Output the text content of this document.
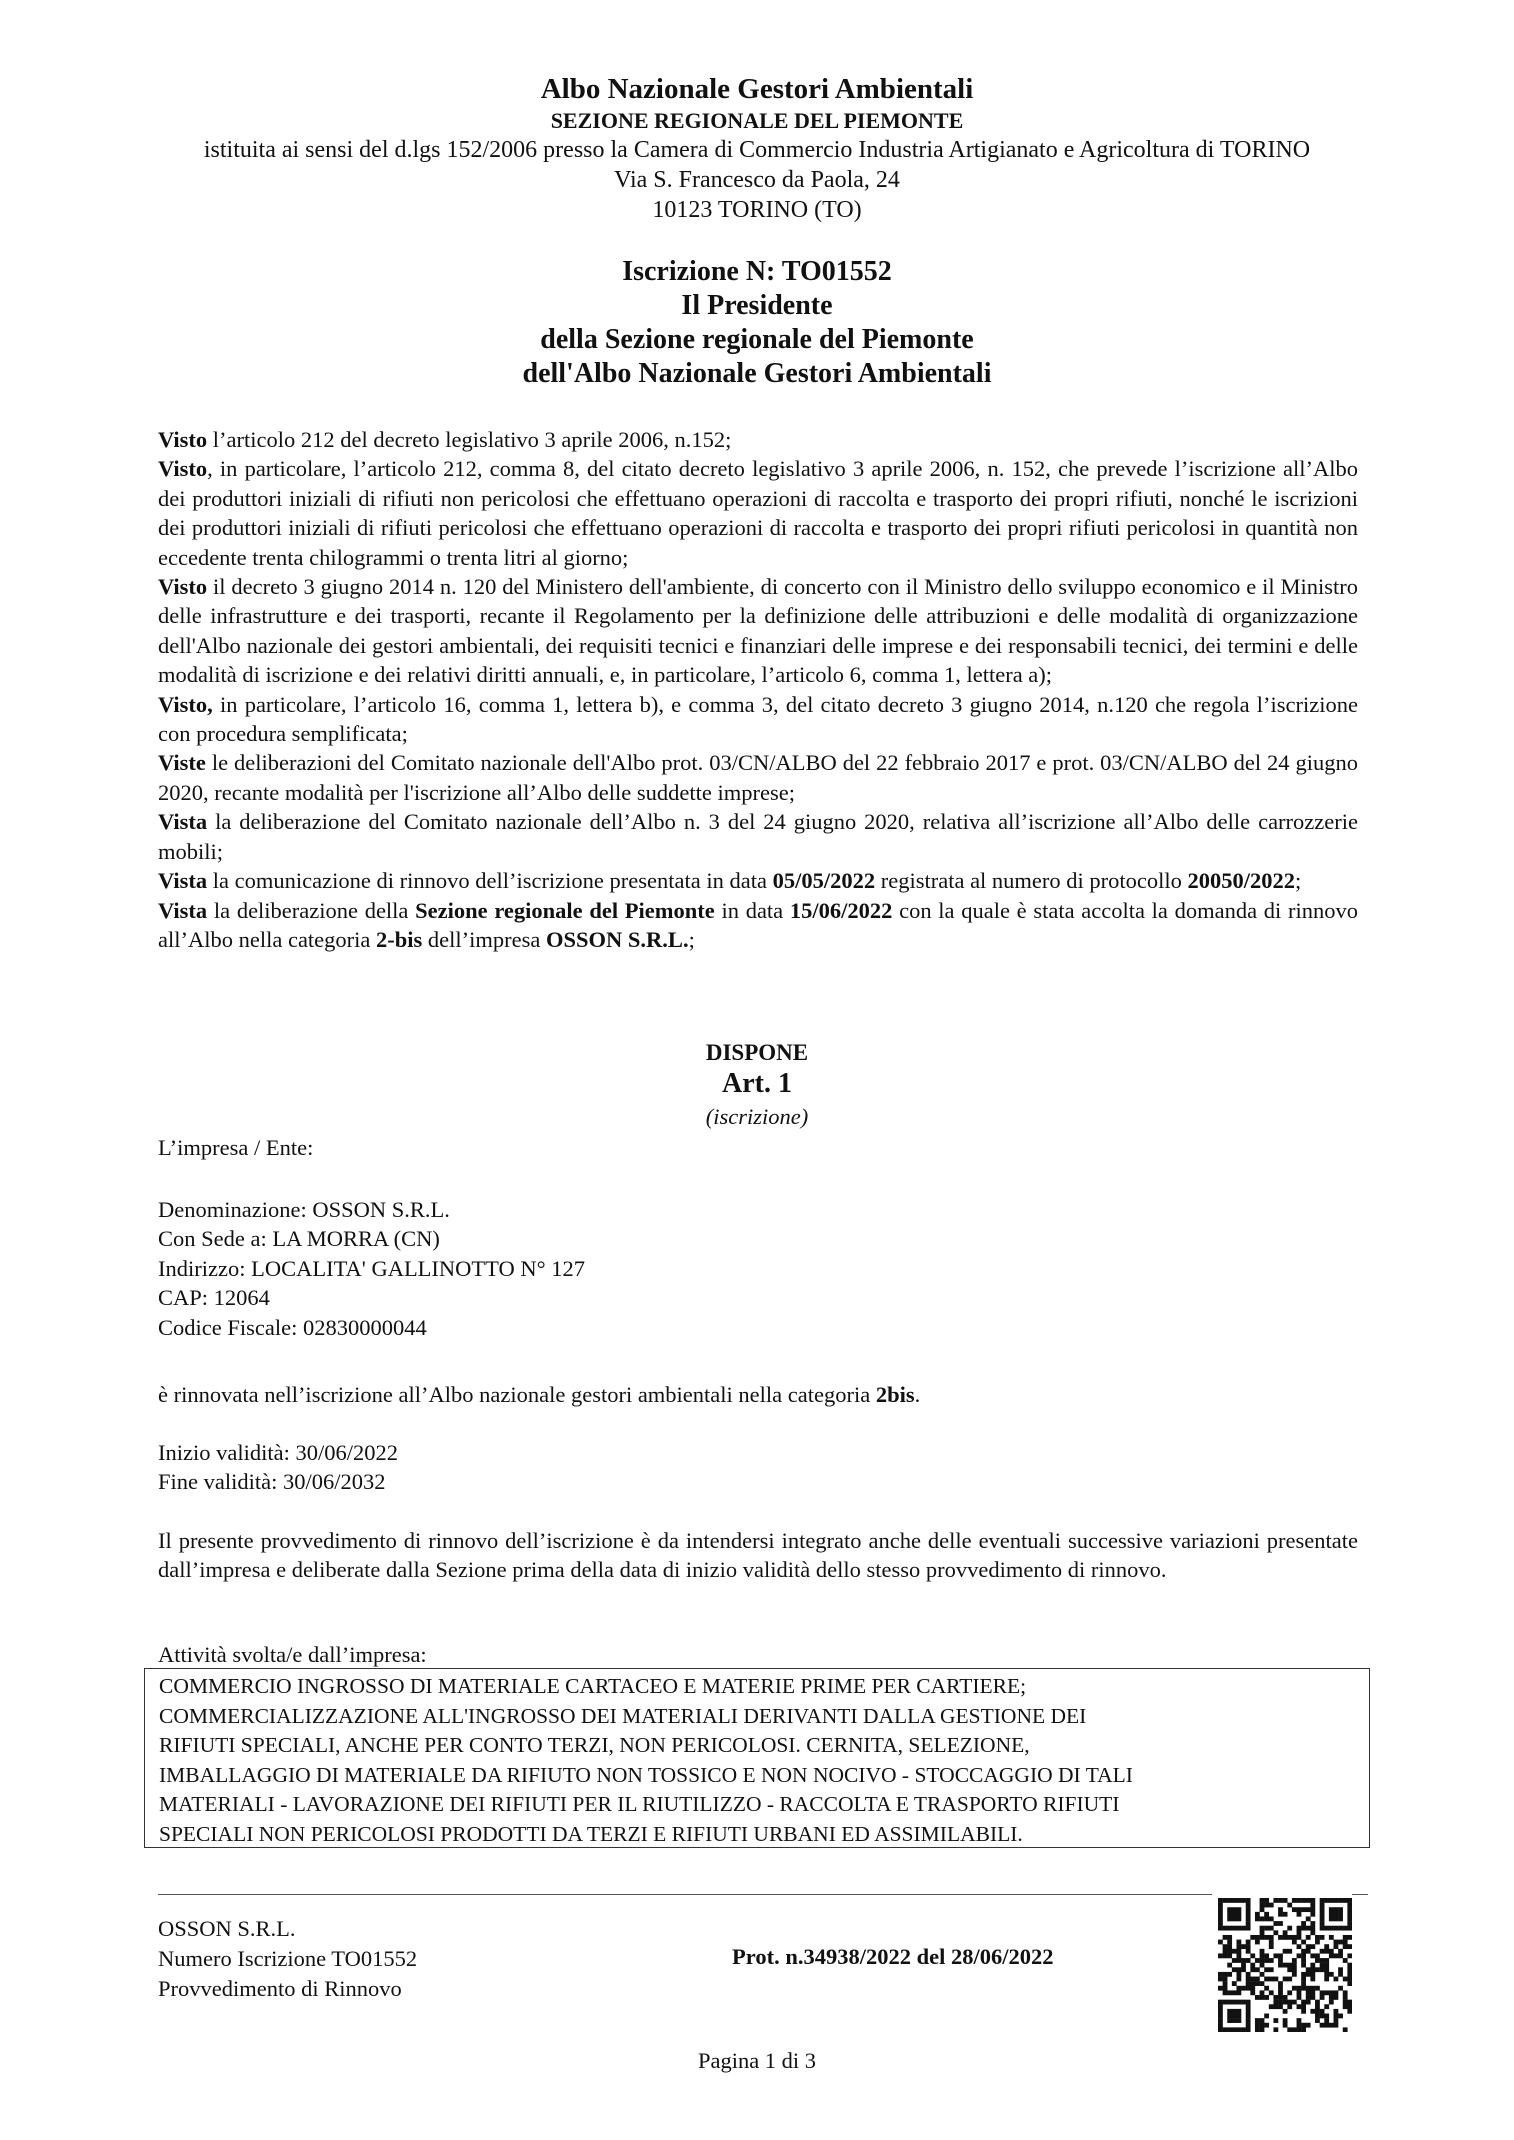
Albo Nazionale Gestori Ambientali
SEZIONE REGIONALE DEL PIEMONTE
istituita ai sensi del d.lgs 152/2006 presso la Camera di Commercio Industria Artigianato e Agricoltura di TORINO
Via S. Francesco da Paola, 24
10123 TORINO (TO)
Iscrizione N: TO01552
Il Presidente
della Sezione regionale del Piemonte
dell'Albo Nazionale Gestori Ambientali

Visto l’articolo 212 del decreto legislativo 3 aprile 2006, n.152;

Visto, in particolare, l’articolo 212, comma 8, del citato decreto legislativo 3 aprile 2006, n. 152, che prevede l’iscrizione all’Albo dei produttori iniziali di rifiuti non pericolosi che effettuano operazioni di raccolta e trasporto dei propri rifiuti, nonché le iscrizioni dei produttori iniziali di rifiuti pericolosi che effettuano operazioni di raccolta e trasporto dei propri rifiuti pericolosi in quantità non eccedente trenta chilogrammi o trenta litri al giorno;

Visto il decreto 3 giugno 2014 n. 120 del Ministero dell'ambiente, di concerto con il Ministro dello sviluppo economico e il Ministro delle infrastrutture e dei trasporti, recante il Regolamento per la definizione delle attribuzioni e delle modalità di organizzazione dell'Albo nazionale dei gestori ambientali, dei requisiti tecnici e finanziari delle imprese e dei responsabili tecnici, dei termini e delle modalità di iscrizione e dei relativi diritti annuali, e, in particolare, l’articolo 6, comma 1, lettera a);

Visto, in particolare, l’articolo 16, comma 1, lettera b), e comma 3, del citato decreto 3 giugno 2014, n.120 che regola l’iscrizione con procedura semplificata;

Viste le deliberazioni del Comitato nazionale dell'Albo prot. 03/CN/ALBO del 22 febbraio 2017 e prot. 03/CN/ALBO del 24 giugno 2020, recante modalità per l'iscrizione all’Albo delle suddette imprese;

Vista la deliberazione del Comitato nazionale dell’Albo n. 3 del 24 giugno 2020, relativa all’iscrizione all’Albo delle carrozzerie mobili;

Vista la comunicazione di rinnovo dell’iscrizione presentata in data 05/05/2022 registrata al numero di protocollo 20050/2022;

Vista la deliberazione della Sezione regionale del Piemonte in data 15/06/2022 con la quale è stata accolta la domanda di rinnovo all’Albo nella categoria 2-bis dell’impresa OSSON S.R.L.;

DISPONE
Art. 1
(iscrizione)
L’impresa / Ente:

Denominazione: OSSON S.R.L.

Con Sede a: LA MORRA (CN)

Indirizzo: LOCALITA' GALLINOTTO N° 127

CAP: 12064

Codice Fiscale: 02830000044

è rinnovata nell’iscrizione all’Albo nazionale gestori ambientali nella categoria 2bis.

Inizio validità: 30/06/2022

Fine validità: 30/06/2032

Il presente provvedimento di rinnovo dell’iscrizione è da intendersi integrato anche delle eventuali successive variazioni presentate dall’impresa e deliberate dalla Sezione prima della data di inizio validità dello stesso provvedimento di rinnovo.
Attività svolta/e dall’impresa:
COMMERCIO INGROSSO DI MATERIALE CARTACEO E MATERIE PRIME PER CARTIERE;
COMMERCIALIZZAZIONE ALL'INGROSSO DEI MATERIALI DERIVANTI DALLA GESTIONE DEI
RIFIUTI SPECIALI, ANCHE PER CONTO TERZI, NON PERICOLOSI. CERNITA, SELEZIONE,
IMBALLAGGIO DI MATERIALE DA RIFIUTO NON TOSSICO E NON NOCIVO - STOCCAGGIO DI TALI
MATERIALI - LAVORAZIONE DEI RIFIUTI PER IL RIUTILIZZO - RACCOLTA E TRASPORTO RIFIUTI
SPECIALI NON PERICOLOSI PRODOTTI DA TERZI E RIFIUTI URBANI ED ASSIMILABILI.

OSSON S.R.L.

Numero Iscrizione TO01552

Provvedimento di Rinnovo

Prot. n.34938/2022 del 28/06/2022
Pagina 1 di 3
